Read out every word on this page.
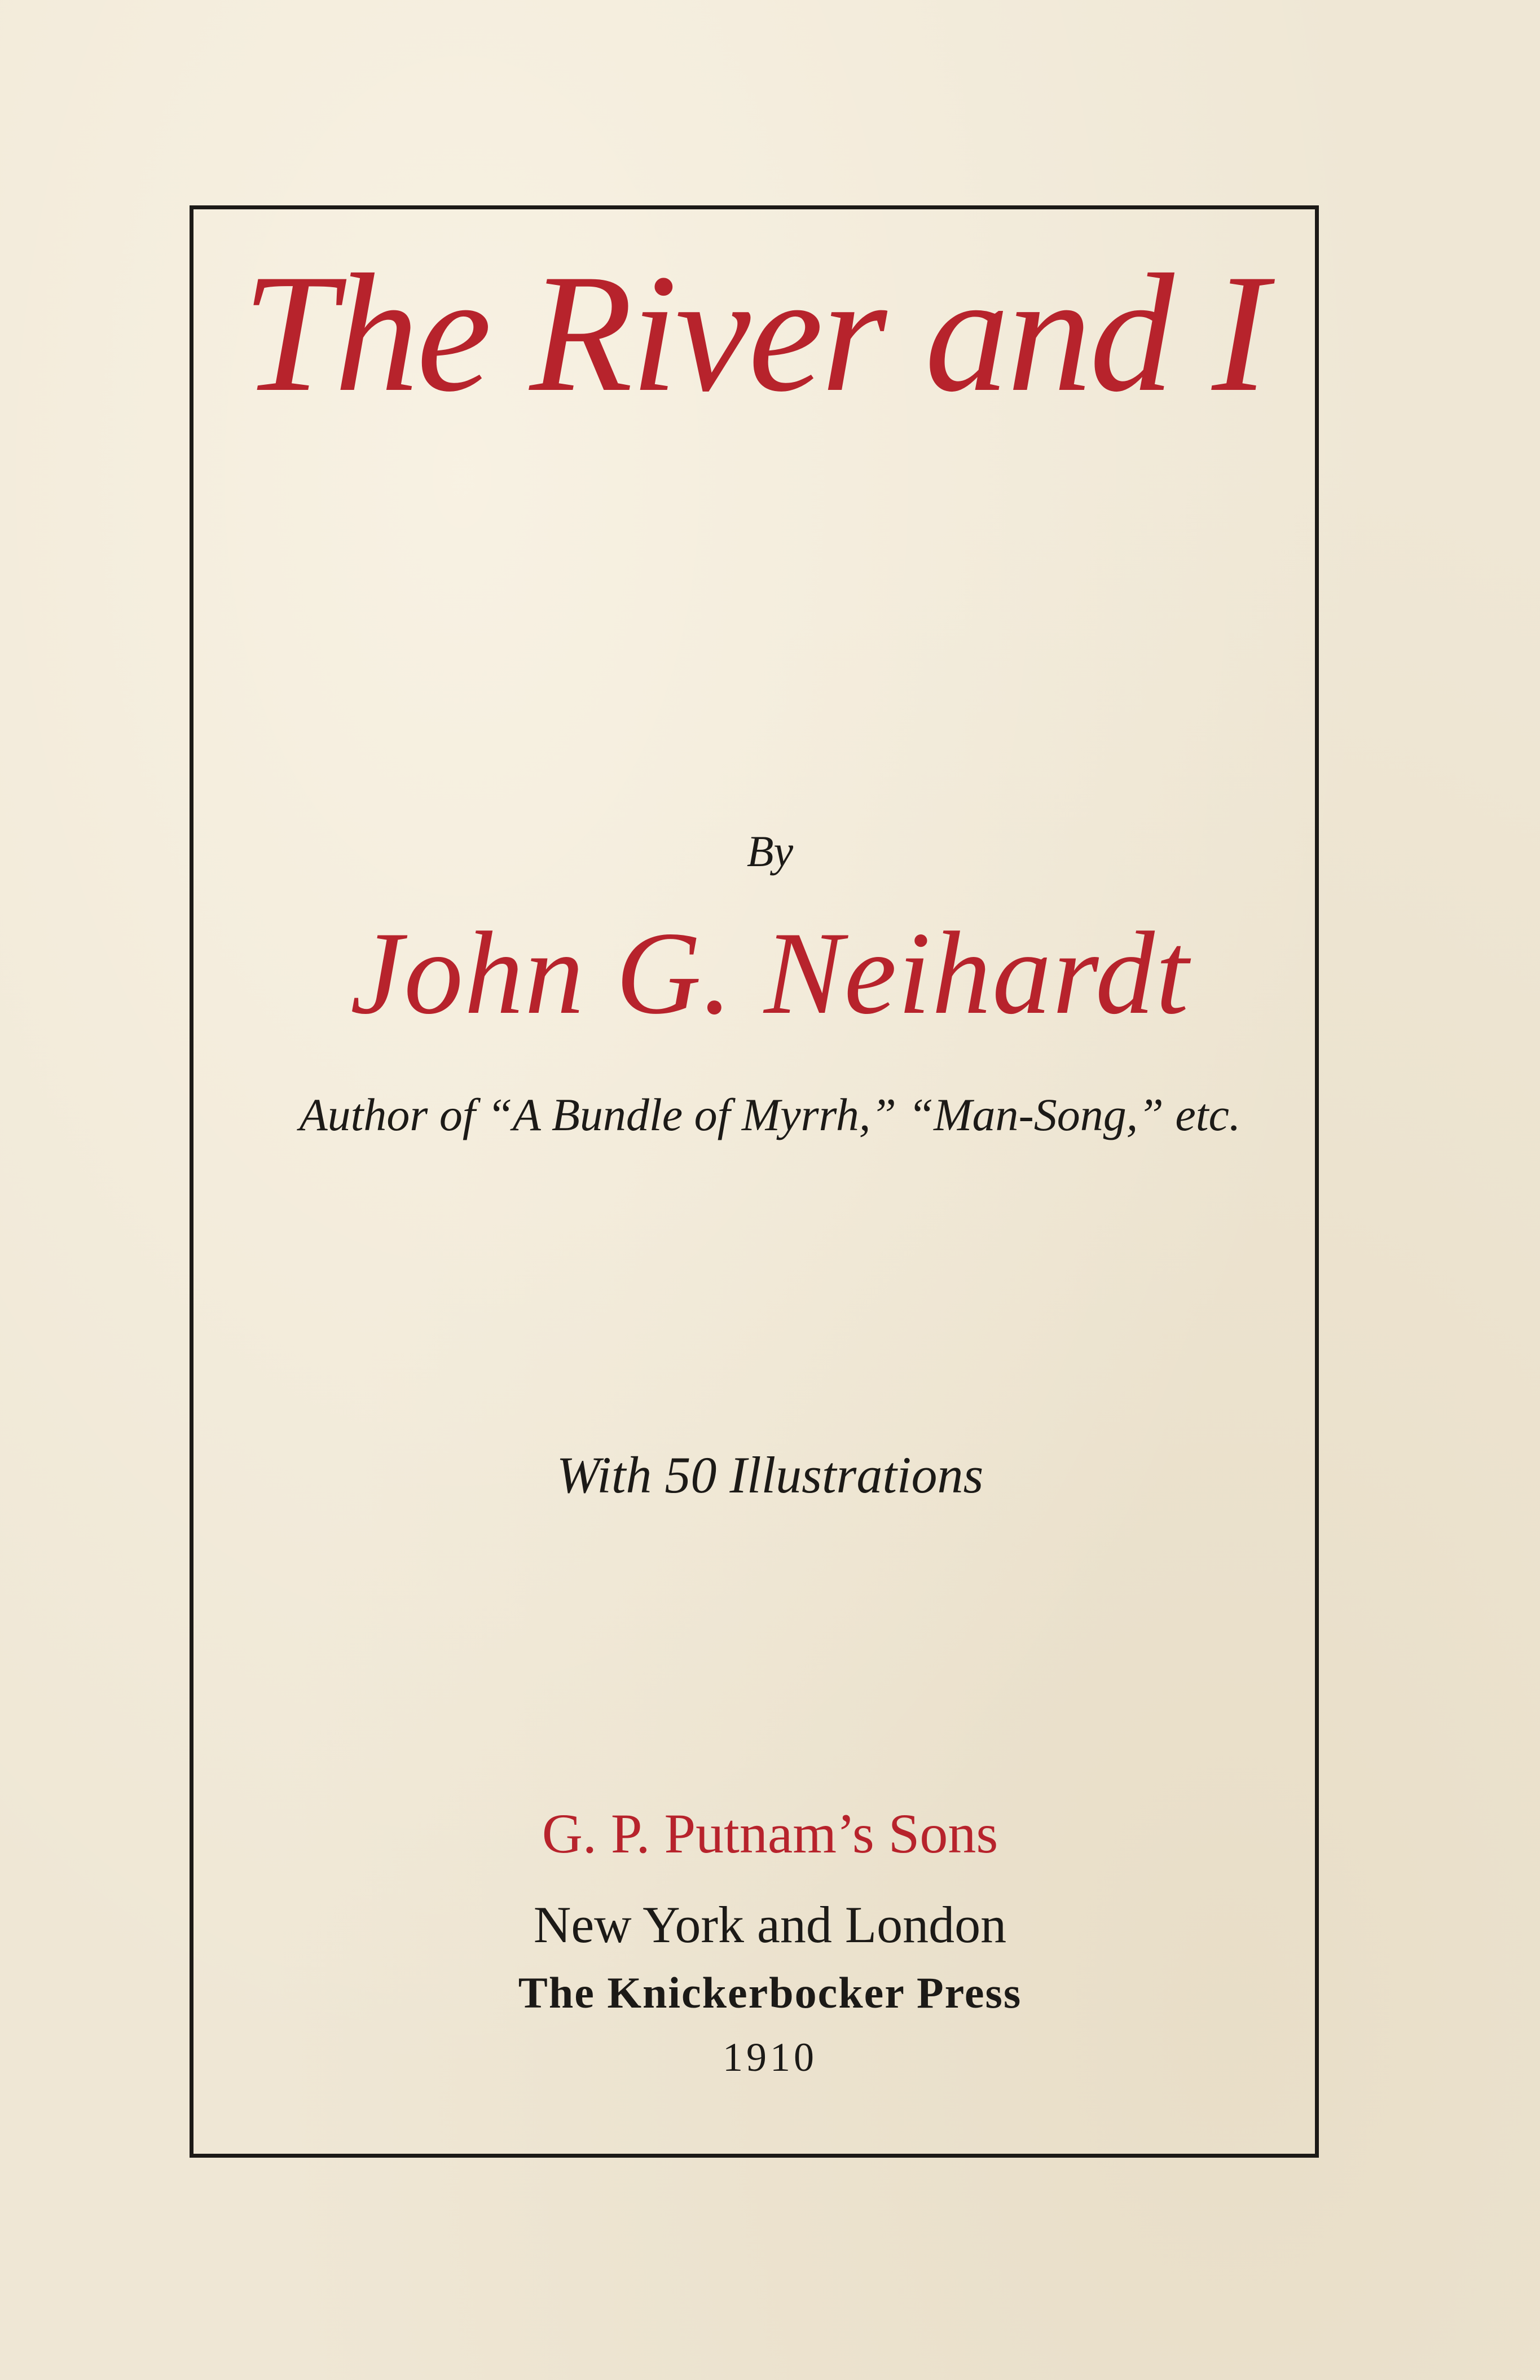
The River and I
By
John G. Neihardt
Author of “A Bundle of Myrrh,” “Man-Song,” etc.
With 50 Illustrations
G. P. Putnam’s Sons
New York and London
The Knickerbocker Press
1910
